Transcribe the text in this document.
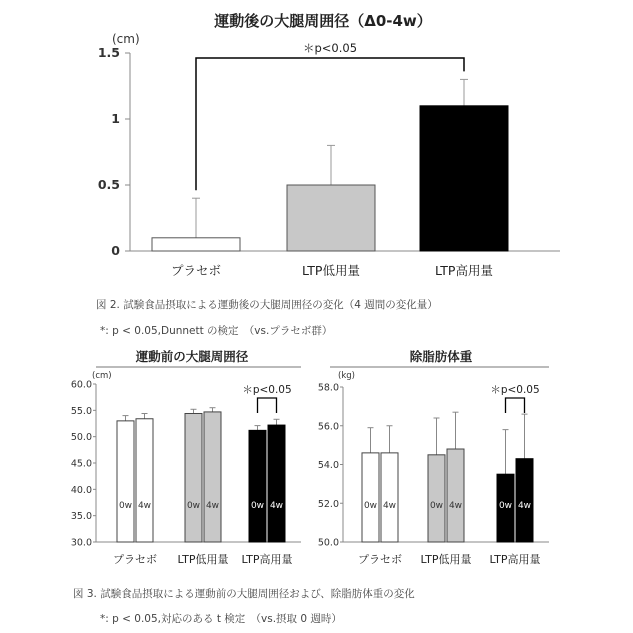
運動後の大腿周囲径（Δ0-4w）
(cm)
0
0.5
1
1.5
プラセボ	LTP低用量	LTP高用量
＊p<0.05
運動前の大腿周囲径
(cm)
30.0
35.0
40.0
45.0
50.0
55.0
60.0
0w 4w	0w 4w	0w 4w
プラセボ LTP低用量 LTP高用量
＊p<0.05
除脂肪体重
(kg)
50.0
52.0
54.0
56.0
58.0
0w 4w	0w 4w	0w 4w
プラセボ LTP低用量 LTP高用量
＊p<0.05
図 2. 試験食品摂取による運動後の大腿周囲径の変化（4 週間の変化量）
*: p < 0.05,Dunnett の検定　（vs.プラセボ群）
図 3. 試験食品摂取による運動前の大腿周囲径および、除脂肪体重の変化
*: p < 0.05,対応のある t 検定　（vs.摂取 0 週時）
